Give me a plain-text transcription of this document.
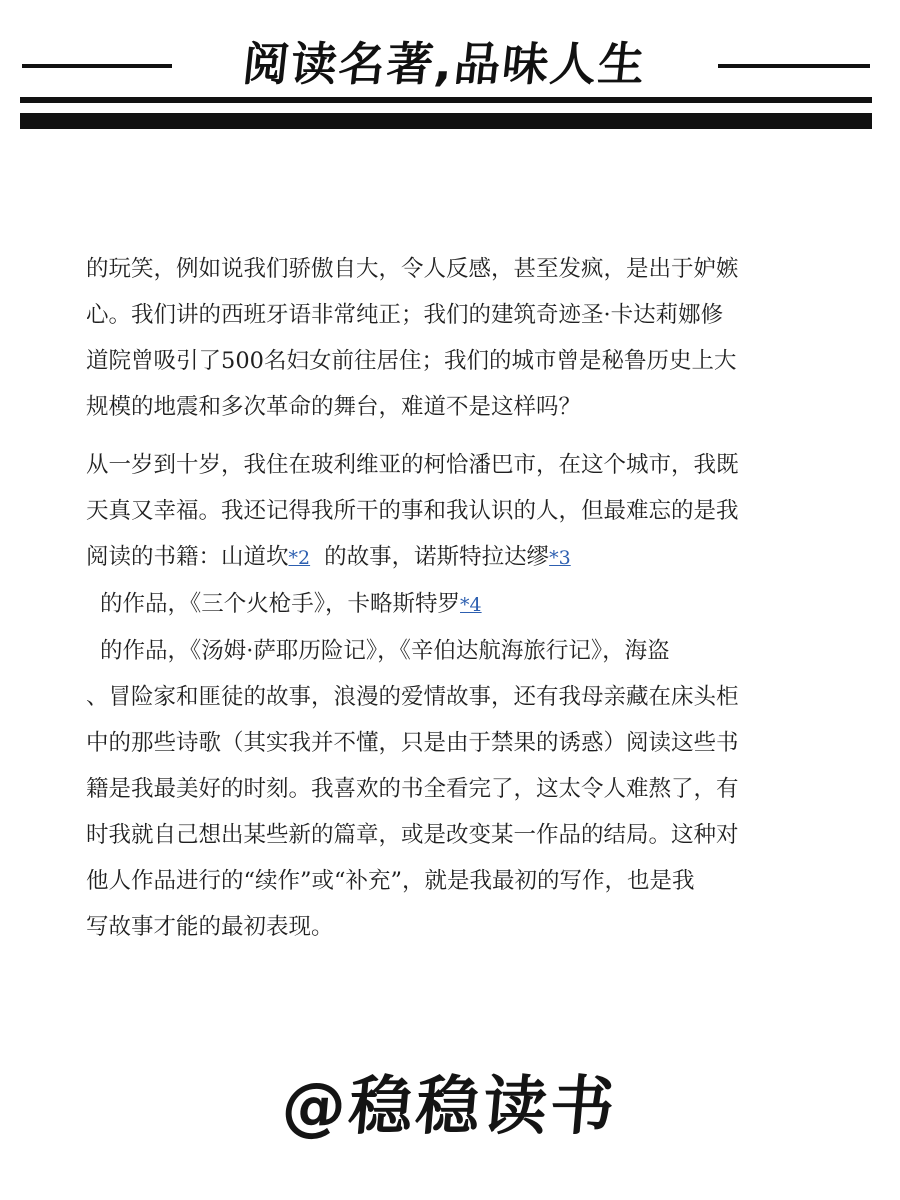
阅读名著,品味人生

的玩笑，例如说我们骄傲自大，令人反感，甚至发疯，是出于妒嫉
心。我们讲的西班牙语非常纯正；我们的建筑奇迹圣·卡达莉娜修
道院曾吸引了500名妇女前往居住；我们的城市曾是秘鲁历史上大
规模的地震和多次革命的舞台，难道不是这样吗？

从一岁到十岁，我住在玻利维亚的柯恰潘巴市，在这个城市，我既
天真又幸福。我还记得我所干的事和我认识的人，但最难忘的是我
阅读的书籍：山道坎*2 的故事，诺斯特拉达缪*3
的作品，《三个火枪手》，卡略斯特罗*4
的作品，《汤姆·萨耶历险记》，《辛伯达航海旅行记》，海盗
、冒险家和匪徒的故事，浪漫的爱情故事，还有我母亲藏在床头柜
中的那些诗歌（其实我并不懂，只是由于禁果的诱惑）阅读这些书
籍是我最美好的时刻。我喜欢的书全看完了，这太令人难熬了，有
时我就自己想出某些新的篇章，或是改变某一作品的结局。这种对
他人作品进行的“续作”或“补充”，就是我最初的写作，也是我
写故事才能的最初表现。

@稳稳读书
